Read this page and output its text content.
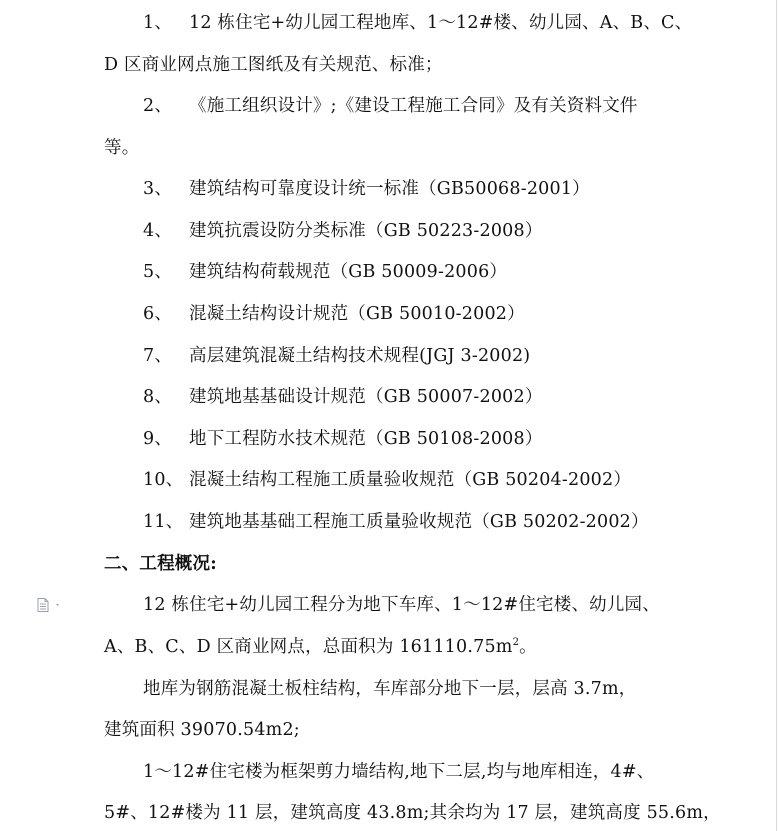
1、 12 栋住宅+幼儿园工程地库、1～12#楼、幼儿园、A、B、C、
D 区商业网点施工图纸及有关规范、标准；
2、 《施工组织设计》;《建设工程施工合同》及有关资料文件
等。
3、 建筑结构可靠度设计统一标准（GB50068-2001）
4、 建筑抗震设防分类标准（GB 50223-2008）
5、 建筑结构荷载规范（GB 50009-2006）
6、 混凝土结构设计规范（GB 50010-2002）
7、 高层建筑混凝土结构技术规程(JGJ 3-2002)
8、 建筑地基基础设计规范（GB 50007-2002）
9、 地下工程防水技术规范（GB 50108-2008）
10、 混凝土结构工程施工质量验收规范（GB 50204-2002）
11、 建筑地基基础工程施工质量验收规范（GB 50202-2002）
二、工程概况:
12 栋住宅+幼儿园工程分为地下车库、1～12#住宅楼、幼儿园、
A、B、C、D 区商业网点，总面积为 $161110.75m^2$。
地库为钢筋混凝土板柱结构，车库部分地下一层，层高 3.7m，
建筑面积 39070.54m2;
1～12#住宅楼为框架剪力墙结构,地下二层,均与地库相连，4#、
5#、12#楼为 11 层，建筑高度 43.8m;其余均为 17 层，建筑高度 55.6m，
